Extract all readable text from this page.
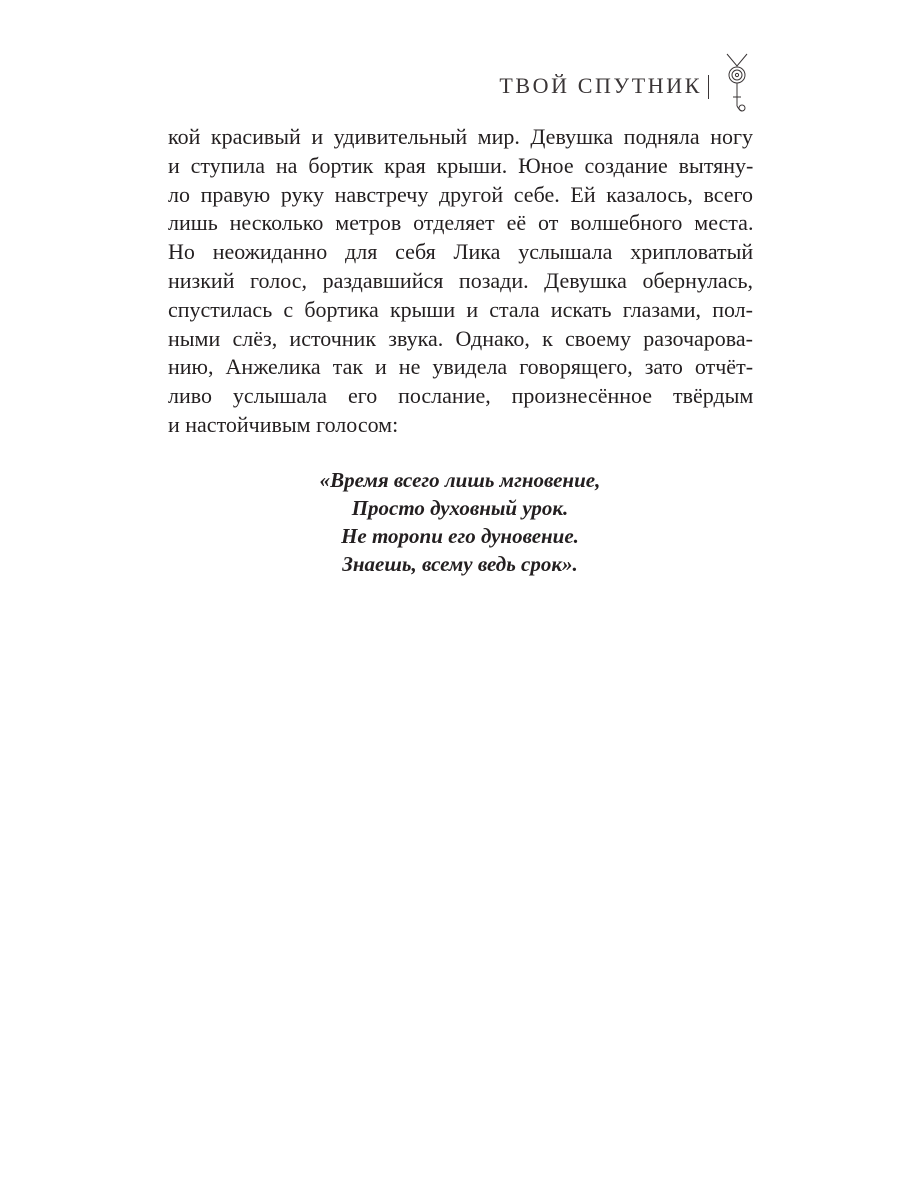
ТВОЙ СПУТНИК
кой красивый и удивительный мир. Девушка подняла ногу
и ступила на бортик края крыши. Юное создание вытяну-
ло правую руку навстречу другой себе. Ей казалось, всего
лишь несколько метров отделяет её от волшебного места.
Но неожиданно для себя Лика услышала хрипловатый
низкий голос, раздавшийся позади. Девушка обернулась,
спустилась с бортика крыши и стала искать глазами, пол-
ными слёз, источник звука. Однако, к своему разочарова-
нию, Анжелика так и не увидела говорящего, зато отчёт-
ливо услышала его послание, произнесённое твёрдым
и настойчивым голосом:
«Время всего лишь мгновение,
Просто духовный урок.
Не торопи его дуновение.
Знаешь, всему ведь срок».
